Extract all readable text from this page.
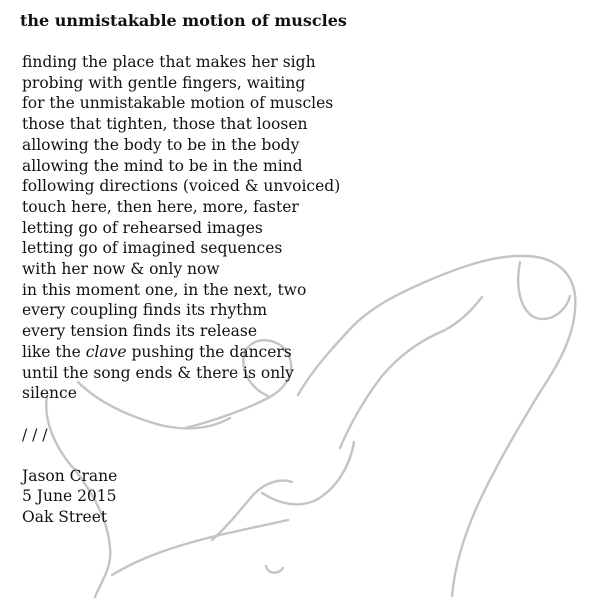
the unmistakable motion of muscles
finding the place that makes her sigh
probing with gentle fingers, waiting
for the unmistakable motion of muscles
those that tighten, those that loosen
allowing the body to be in the body
allowing the mind to be in the mind
following directions (voiced & unvoiced)
touch here, then here, more, faster
letting go of rehearsed images
letting go of imagined sequences
with her now & only now
in this moment one, in the next, two
every coupling finds its rhythm
every tension finds its release
like the clave pushing the dancers
until the song ends & there is only
silence
/ / /
Jason Crane
5 June 2015
Oak Street
